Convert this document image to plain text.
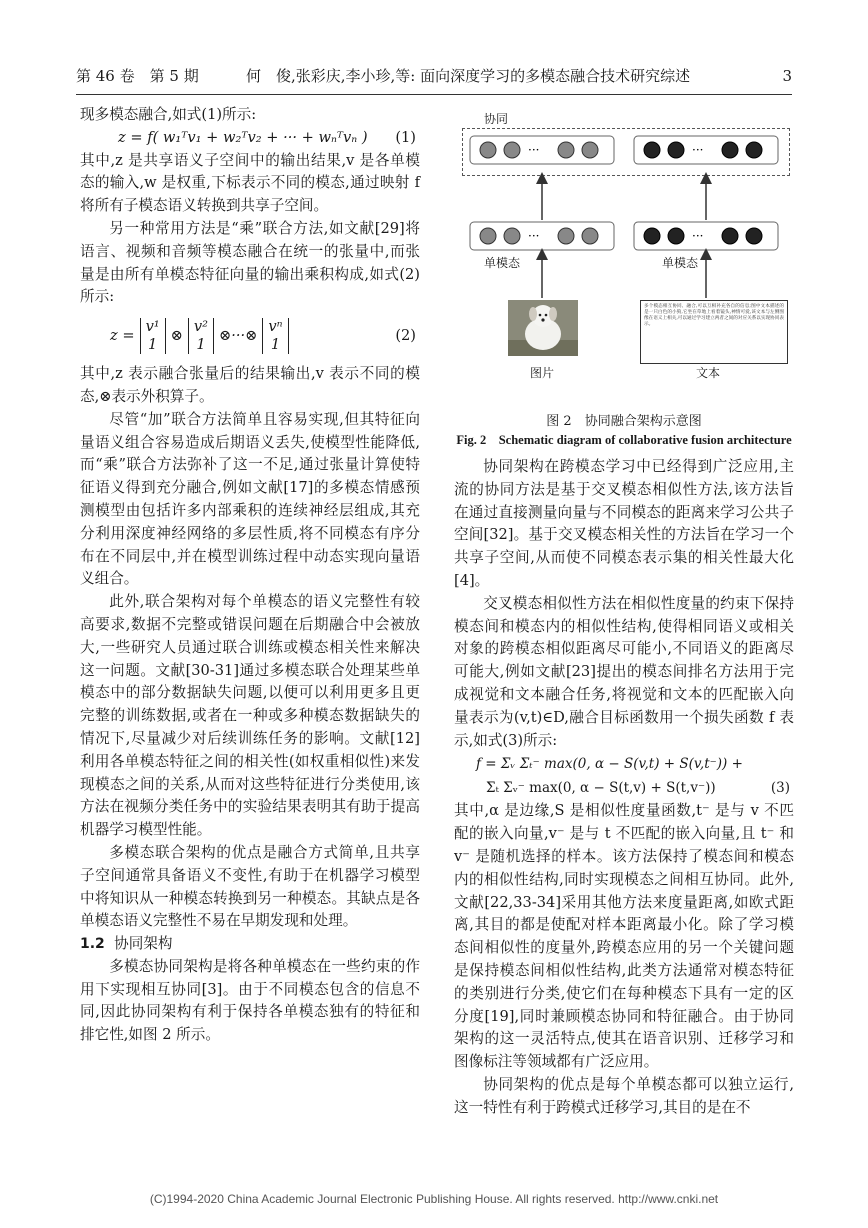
第 46 卷　第 5 期	何　俊,张彩庆,李小珍,等: 面向深度学习的多模态融合技术研究综述	3

现多模态融合,如式(1)所示:

z = f( w₁ᵀv₁ + w₂ᵀv₂ + ··· + wₙᵀvₙ ) (1)

其中,z 是共享语义子空间中的输出结果,v 是各单模态的输入,w 是权重,下标表示不同的模态,通过映射 f 将所有子模态语义转换到共享子空间。

另一种常用方法是“乘”联合方法,如文献[29]将语言、视频和音频等模态融合在统一的张量中,而张量是由所有单模态特征向量的输出乘积构成,如式(2)所示:

z =
v¹
1
⊗
v²
1
⊗···⊗
vⁿ
1
(2)

其中,z 表示融合张量后的结果输出,v 表示不同的模态,⊗表示外积算子。

尽管“加”联合方法简单且容易实现,但其特征向量语义组合容易造成后期语义丢失,使模型性能降低,而“乘”联合方法弥补了这一不足,通过张量计算使特征语义得到充分融合,例如文献[17]的多模态情感预测模型由包括许多内部乘积的连续神经层组成,其充分利用深度神经网络的多层性质,将不同模态有序分布在不同层中,并在模型训练过程中动态实现向量语义组合。

此外,联合架构对每个单模态的语义完整性有较高要求,数据不完整或错误问题在后期融合中会被放大,一些研究人员通过联合训练或模态相关性来解决这一问题。文献[30-31]通过多模态联合处理某些单模态中的部分数据缺失问题,以便可以利用更多且更完整的训练数据,或者在一种或多种模态数据缺失的情况下,尽量减少对后续训练任务的影响。文献[12]利用各单模态特征之间的相关性(如权重相似性)来发现模态之间的关系,从而对这些特征进行分类使用,该方法在视频分类任务中的实验结果表明其有助于提高机器学习模型性能。

多模态联合架构的优点是融合方式简单,且共享子空间通常具备语义不变性,有助于在机器学习模型中将知识从一种模态转换到另一种模态。其缺点是各单模态语义完整性不易在早期发现和处理。

1.2 协同架构

多模态协同架构是将各种单模态在一些约束的作用下实现相互协同[3]。由于不同模态包含的信息不同,因此协同架构有利于保持各单模态独有的特征和排它性,如图 2 所示。

协同
···	···
···	···
单模态	单模态
多个模态相互协同、融合,可以互相补充各自的信息;图中文本描述的是一只白色的小狗,它坐在草地上看着镜头,神情可爱,该文本与左侧图像在语义上相关,可以通过学习建立两者之间的对应关系以实现协同表示。
图片	文本
图 2　协同融合架构示意图
Fig. 2　Schematic diagram of collaborative fusion architecture

协同架构在跨模态学习中已经得到广泛应用,主流的协同方法是基于交叉模态相似性方法,该方法旨在通过直接测量向量与不同模态的距离来学习公共子空间[32]。基于交叉模态相关性的方法旨在学习一个共享子空间,从而使不同模态表示集的相关性最大化[4]。

交叉模态相似性方法在相似性度量的约束下保持模态间和模态内的相似性结构,使得相同语义或相关对象的跨模态相似距离尽可能小,不同语义的距离尽可能大,例如文献[23]提出的模态间排名方法用于完成视觉和文本融合任务,将视觉和文本的匹配嵌入向量表示为(v,t)∈D,融合目标函数用一个损失函数 f 表示,如式(3)所示:

f = Σᵥ Σₜ⁻ max(0, α − S(v,t) + S(v,t⁻)) +
Σₜ Σᵥ⁻ max(0, α − S(t,v) + S(t,v⁻))	(3)

其中,α 是边缘,S 是相似性度量函数,t⁻ 是与 v 不匹配的嵌入向量,v⁻ 是与 t 不匹配的嵌入向量,且 t⁻ 和 v⁻ 是随机选择的样本。该方法保持了模态间和模态内的相似性结构,同时实现模态之间相互协同。此外,文献[22,33-34]采用其他方法来度量距离,如欧式距离,其目的都是使配对样本距离最小化。除了学习模态间相似性的度量外,跨模态应用的另一个关键问题是保持模态间相似性结构,此类方法通常对模态特征的类别进行分类,使它们在每种模态下具有一定的区分度[19],同时兼顾模态协同和特征融合。由于协同架构的这一灵活特点,使其在语音识别、迁移学习和图像标注等领域都有广泛应用。

协同架构的优点是每个单模态都可以独立运行,这一特性有利于跨模式迁移学习,其目的是在不

(C)1994-2020 China Academic Journal Electronic Publishing House. All rights reserved. http://www.cnki.net
